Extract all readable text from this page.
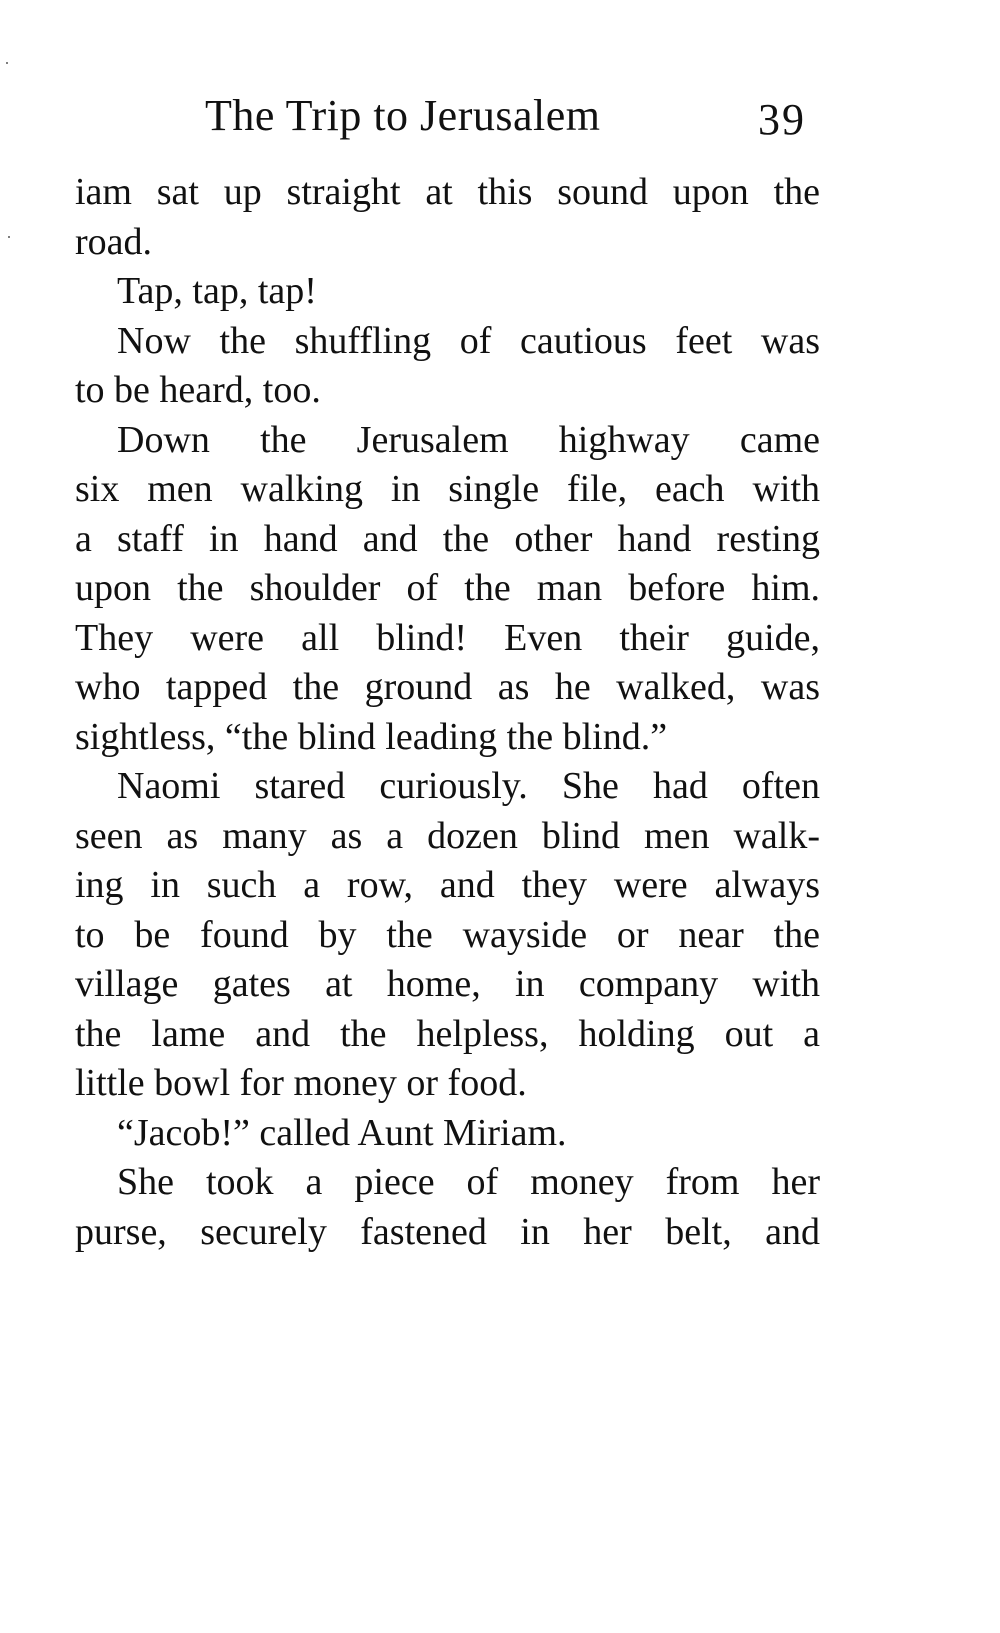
The Trip to Jerusalem	39
iam sat up straight at this sound upon the
road.
Tap, tap, tap!
Now the shuffling of cautious feet was
to be heard, too.
Down the Jerusalem highway came
six men walking in single file, each with
a staff in hand and the other hand resting
upon the shoulder of the man before him.
They were all blind! Even their guide,
who tapped the ground as he walked, was
sightless, “the blind leading the blind.”
Naomi stared curiously. She had often
seen as many as a dozen blind men walk-
ing in such a row, and they were always
to be found by the wayside or near the
village gates at home, in company with
the lame and the helpless, holding out a
little bowl for money or food.
“Jacob!” called Aunt Miriam.
She took a piece of money from her
purse, securely fastened in her belt, and
